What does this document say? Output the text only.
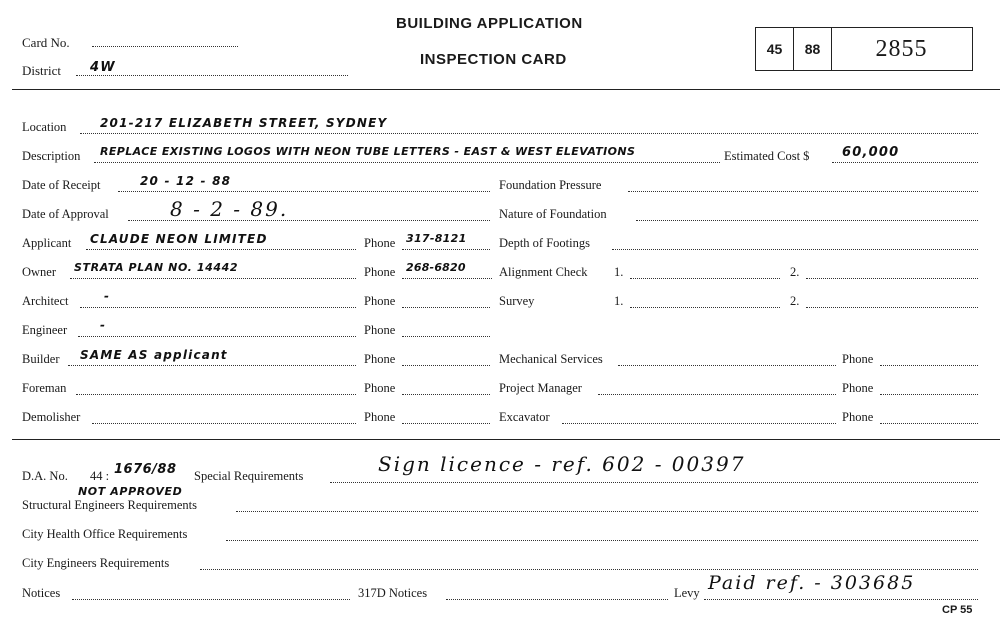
Card No.
District 4W
BUILDING APPLICATION
INSPECTION CARD
45	88	2855
Location	201-217 ELIZABETH STREET, SYDNEY
Description REPLACE EXISTING LOGOS WITH NEON TUBE LETTERS - EAST & WEST ELEVATIONS	Estimated Cost $	60,000
Date of Receipt	20 - 12 - 88	Foundation Pressure
Date of Approval	8 - 2 - 89.	Nature of Foundation
Applicant CLAUDE NEON LIMITED	Phone 317-8121	Depth of Footings
Owner STRATA PLAN NO. 14442	Phone 268-6820	Alignment Check 1.	2.
Architect	-	Phone	Survey	1.	2.
Engineer	-	Phone
Builder SAME AS applicant	Phone	Mechanical Services	Phone
Foreman	Phone	Project Manager	Phone
Demolisher	Phone	Excavator	Phone
D.A. No. 44 : 1676/88 Special Requirements	Sign licence - ref. 602 - 00397
Structural Engineers Requirements
NOT APPROVED
City Health Office Requirements
City Engineers Requirements
Notices	317D Notices	Levy Paid ref. - 303685
CP 55
